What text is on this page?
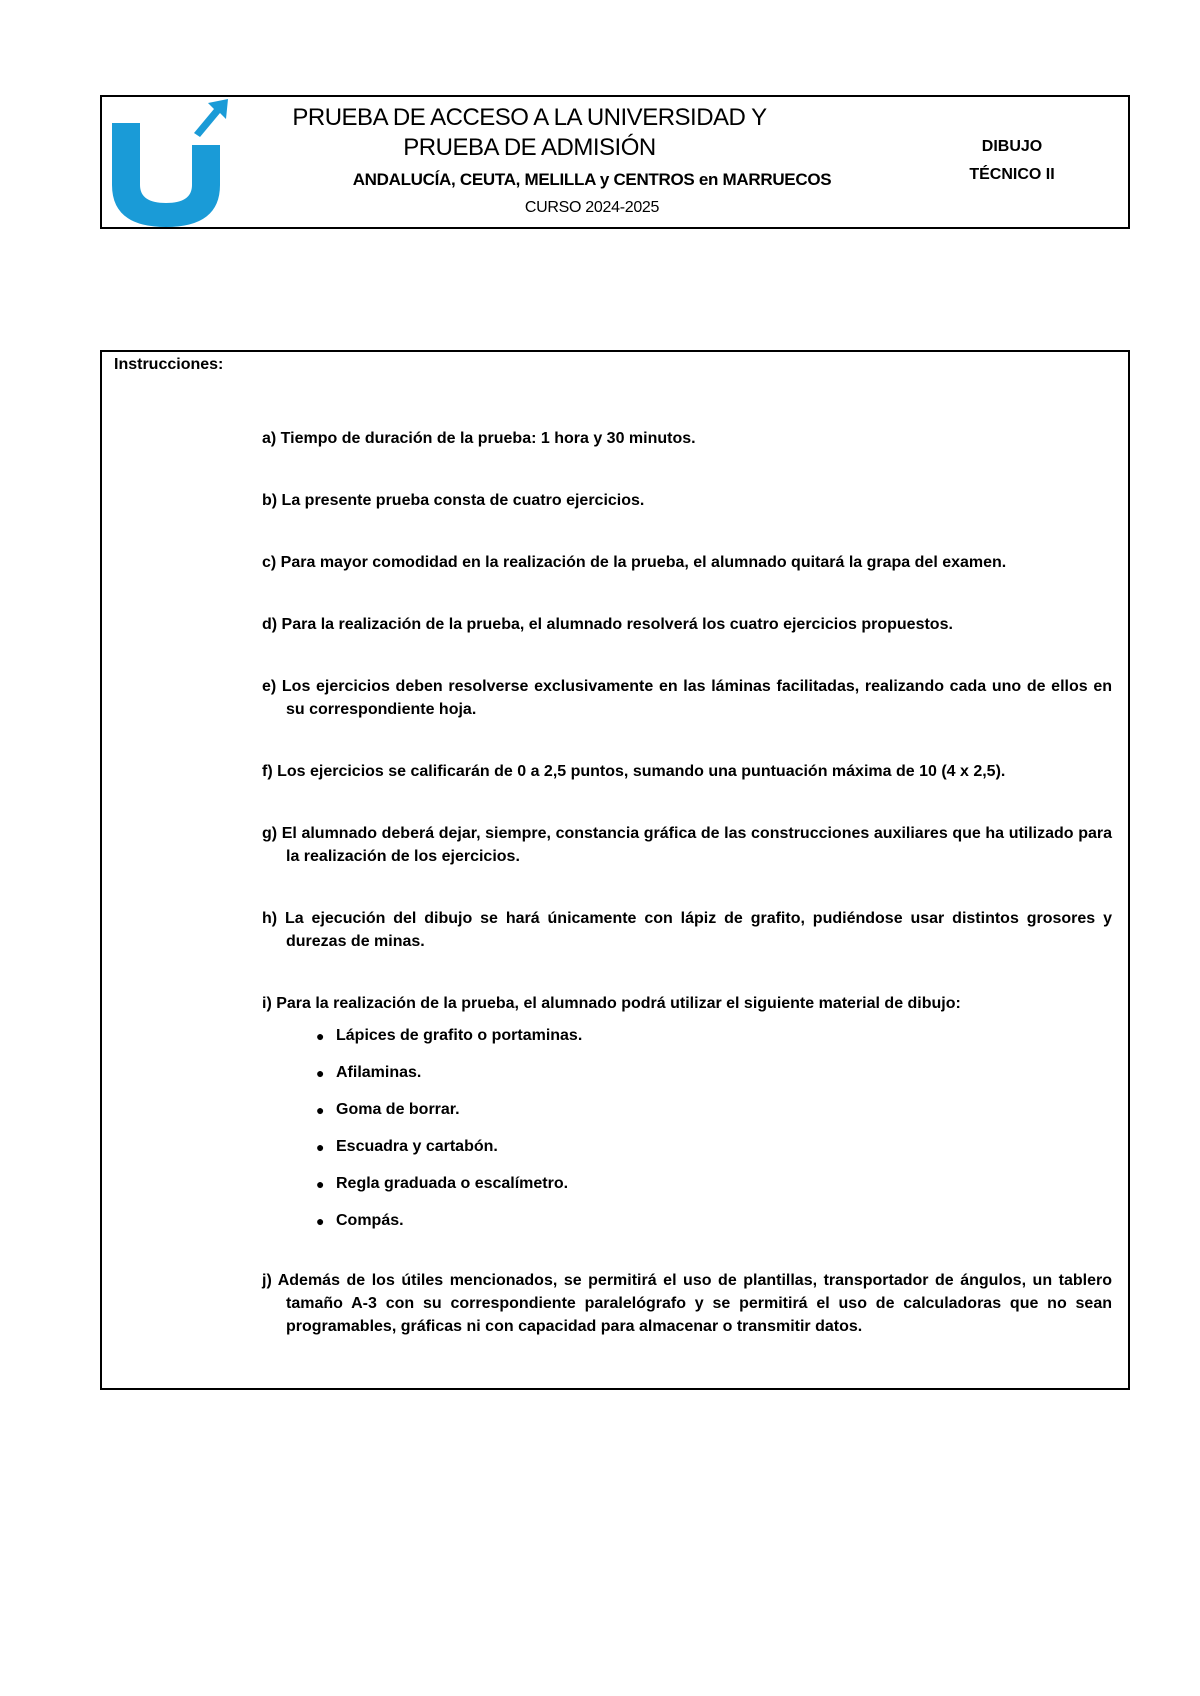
PRUEBA DE ACCESO A LA UNIVERSIDAD Y PRUEBA DE ADMISIÓN
ANDALUCÍA, CEUTA, MELILLA y CENTROS en MARRUECOS
CURSO 2024-2025
DIBUJO
TÉCNICO II
Instrucciones:
a) Tiempo de duración de la prueba: 1 hora y 30 minutos.
b) La presente prueba consta de cuatro ejercicios.
c) Para mayor comodidad en la realización de la prueba, el alumnado quitará la grapa del examen.
d) Para la realización de la prueba, el alumnado resolverá los cuatro ejercicios propuestos.
e) Los ejercicios deben resolverse exclusivamente en las láminas facilitadas, realizando cada uno de ellos en su correspondiente hoja.
f) Los ejercicios se calificarán de 0 a 2,5 puntos, sumando una puntuación máxima de 10 (4 x 2,5).
g) El alumnado deberá dejar, siempre, constancia gráfica de las construcciones auxiliares que ha utilizado para la realización de los ejercicios.
h) La ejecución del dibujo se hará únicamente con lápiz de grafito, pudiéndose usar distintos grosores y durezas de minas.
i) Para la realización de la prueba, el alumnado podrá utilizar el siguiente material de dibujo:
● Lápices de grafito o portaminas.
● Afilaminas.
● Goma de borrar.
● Escuadra y cartabón.
● Regla graduada o escalímetro.
● Compás.
j) Además de los útiles mencionados, se permitirá el uso de plantillas, transportador de ángulos, un tablero tamaño A-3 con su correspondiente paralelógrafo y se permitirá el uso de calculadoras que no sean programables, gráficas ni con capacidad para almacenar o transmitir datos.
